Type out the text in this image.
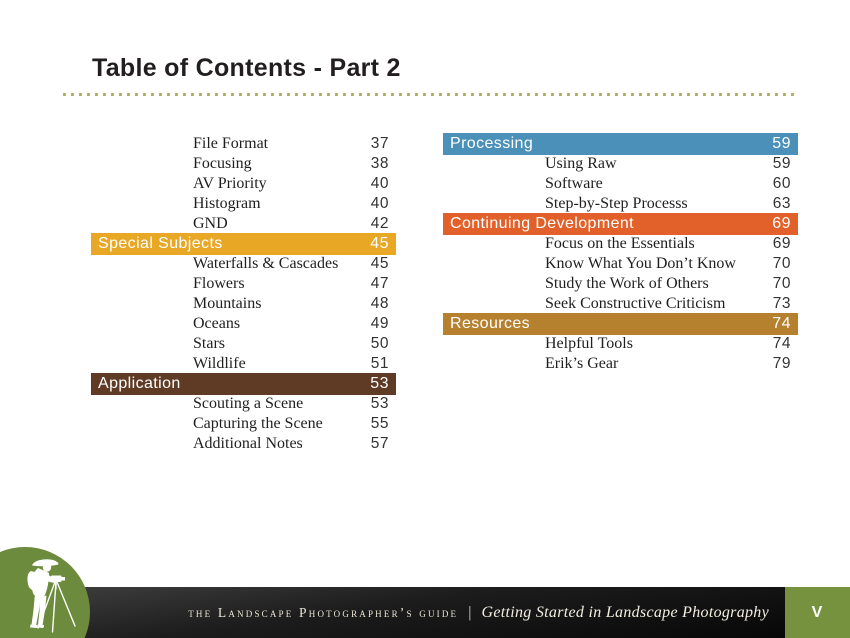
Table of Contents - Part 2
File Format	37
Focusing	38
AV Priority	40
Histogram	40
GND	42
Special Subjects	45
Waterfalls & Cascades 45
Flowers	47
Mountains	48
Oceans	49
Stars	50
Wildlife	51
Application	53
Scouting a Scene	53
Capturing the Scene	55
Additional Notes	57
Processing	59
Using Raw	59
Software	60
Step-by-Step Processs	63
Continuing Development	69
Focus on the Essentials	69
Know What You Don’t Know 70
Study the Work of Others	70
Seek Constructive Criticism	73
Resources	74
Helpful Tools	74
Erik’s Gear	79
the Landscape Photographer’s guide | Getting Started in Landscape Photography	V
